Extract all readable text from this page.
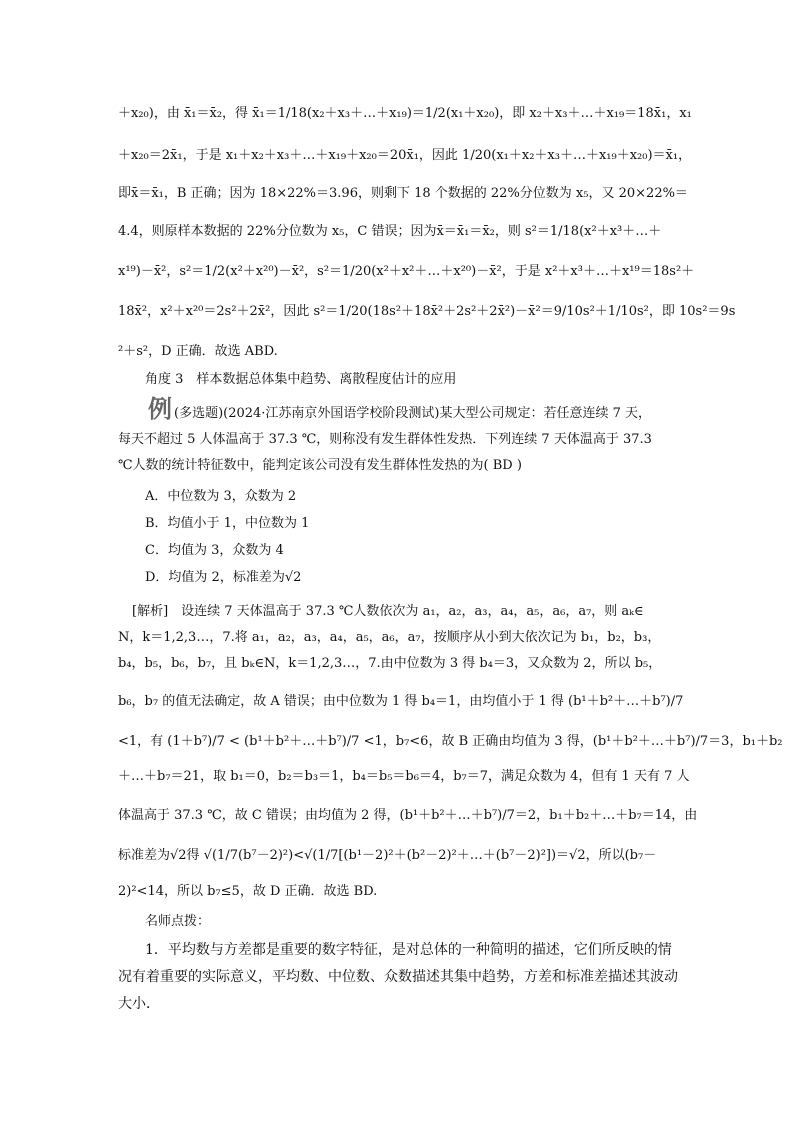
＋x₂₀)，由 x̄₁＝x̄₂，得 x̄₁＝1/18(x₂＋x₃＋…＋x₁₉)＝1/2(x₁＋x₂₀)，即 x₂＋x₃＋…＋x₁₉＝18x̄₁，x₁
＋x₂₀＝2x̄₁，于是 x₁＋x₂＋x₃＋…＋x₁₉＋x₂₀＝20x̄₁，因此 1/20(x₁＋x₂＋x₃＋…＋x₁₉＋x₂₀)＝x̄₁，
即x̄＝x̄₁，B 正确；因为 18×22%＝3.96，则剩下 18 个数据的 22%分位数为 x₅，又 20×22%＝
4.4，则原样本数据的 22%分位数为 x₅，C 错误；因为x̄＝x̄₁＝x̄₂，则 s²＝1/18(x²＋x³＋…＋
x¹⁹)－x̄²，s²＝1/2(x²＋x²⁰)－x̄²，s²＝1/20(x²＋x²＋…＋x²⁰)－x̄²，于是 x²＋x³＋…＋x¹⁹＝18s²＋
18x̄²，x²＋x²⁰＝2s²＋2x̄²，因此 s²＝1/20(18s²＋18x̄²＋2s²＋2x̄²)－x̄²＝9/10s²＋1/10s²，即 10s²＝9s
²＋s²，D 正确．故选 ABD.
角度 3　样本数据总体集中趋势、离散程度估计的应用
例 (多选题)(2024·江苏南京外国语学校阶段测试)某大型公司规定：若任意连续 7 天，
每天不超过 5 人体温高于 37.3 ℃，则称没有发生群体性发热．下列连续 7 天体温高于 37.3
℃人数的统计特征数中，能判定该公司没有发生群体性发热的为( BD )
A．中位数为 3，众数为 2
B．均值小于 1，中位数为 1
C．均值为 3，众数为 4
D．均值为 2，标准差为√2
[解析]　设连续 7 天体温高于 37.3 ℃人数依次为 a₁，a₂，a₃，a₄，a₅，a₆，a₇，则 aₖ∈
N，k＝1,2,3…，7.将 a₁，a₂，a₃，a₄，a₅，a₆，a₇，按顺序从小到大依次记为 b₁，b₂，b₃，
b₄，b₅，b₆，b₇，且 bₖ∈N，k＝1,2,3…，7.由中位数为 3 得 b₄＝3，又众数为 2，所以 b₅，
b₆，b₇ 的值无法确定，故 A 错误；由中位数为 1 得 b₄＝1，由均值小于 1 得 (b¹＋b²＋…＋b⁷)/7
<1，有 (1＋b⁷)/7 < (b¹＋b²＋…＋b⁷)/7 <1，b₇<6，故 B 正确由均值为 3 得，(b¹＋b²＋…＋b⁷)/7＝3，b₁＋b₂
＋…＋b₇＝21，取 b₁＝0，b₂＝b₃＝1，b₄＝b₅＝b₆＝4，b₇＝7，满足众数为 4，但有 1 天有 7 人
体温高于 37.3 ℃，故 C 错误；由均值为 2 得，(b¹＋b²＋…＋b⁷)/7＝2，b₁＋b₂＋…＋b₇＝14，由
标准差为√2得 √(1/7(b⁷－2)²)<√(1/7[(b¹－2)²＋(b²－2)²＋…＋(b⁷－2)²])＝√2，所以(b₇－
2)²<14，所以 b₇≤5，故 D 正确．故选 BD.
名师点拨：
1．平均数与方差都是重要的数字特征，是对总体的一种简明的描述，它们所反映的情
况有着重要的实际意义，平均数、中位数、众数描述其集中趋势，方差和标准差描述其波动
大小．
